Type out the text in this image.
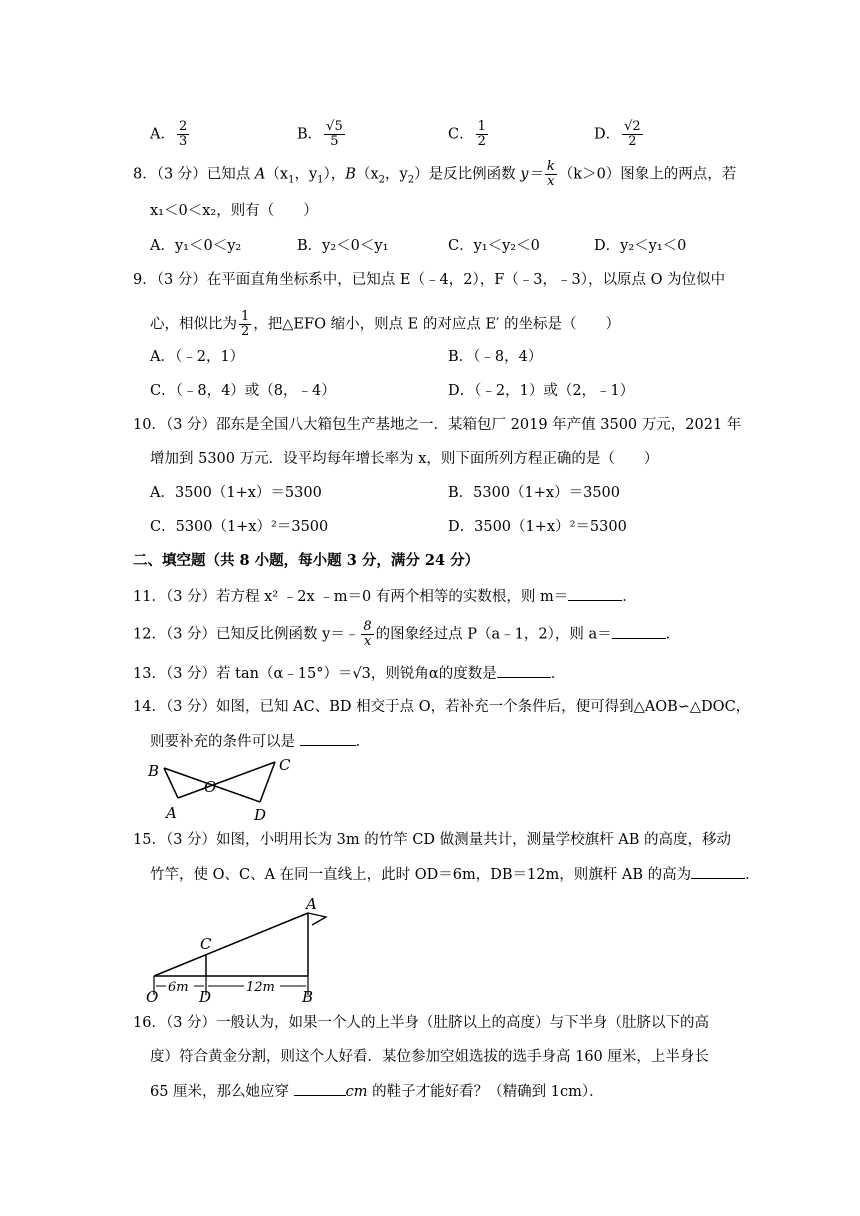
A． $\frac{2}{3}$	B． $\frac{√5}{5}$	C． $\frac{1}{2}$	D． $\frac{√2}{2}$
8．（3 分）已知点 $A(x_1$，$y_1$），$B(x_2$，$y_2$）是反比例函数 $y= \frac{k}{x} (k>0)$图象上的两点，若
x₁＜0＜x₂，则有（　　）
A．y₁＜0＜y₂	B．y₂＜0＜y₁	C．y₁＜y₂＜0	D．y₂＜y₁＜0
9．（3 分）在平面直角坐标系中，已知点 E（﹣4，2），F（﹣3，﹣3），以原点 O 为位似中
心，相似比为 $\frac{1}{2}$ ，把△EFO 缩小，则点 E 的对应点 E′ 的坐标是（　　）
A．（﹣2，1）	B．（﹣8，4）
C．（﹣8，4）或（8，﹣4）	D．（﹣2，1）或（2，﹣1）
10．（3 分）邵东是全国八大箱包生产基地之一．某箱包厂 2019 年产值 3500 万元，2021 年
增加到 5300 万元．设平均每年增长率为 x，则下面所列方程正确的是（　　）
A．3500（1+x）＝5300	B．5300（1+x）＝3500
C．5300（1+x）²＝3500	D．3500（1+x）²＝5300
二、填空题（共 8 小题，每小题 3 分，满分 24 分）
11．（3 分）若方程 x² ﹣2x ﹣m＝0 有两个相等的实数根，则 m＝	．
12．（3 分）已知反比例函数 y＝﹣ $\frac{8}{x}$ 的图象经过点 P（a﹣1，2），则 a＝	．
13．（3 分）若 tan（α﹣15°）＝√3，则锐角α的度数是	．
14．（3 分）如图，已知 AC、BD 相交于点 O，若补充一个条件后，便可得到△AOB∽△DOC，
则要补充的条件可以是	．
B	C
O
A	D
15．（3 分）如图，小明用长为 3m 的竹竿 CD 做测量共计，测量学校旗杆 AB 的高度，移动
竹竿，使 O、C、A 在同一直线上，此时 OD＝6m，DB＝12m，则旗杆 AB 的高为	．
6m	12m
A
C
O	D	B
16．（3 分）一般认为，如果一个人的上半身（肚脐以上的高度）与下半身（肚脐以下的高
度）符合黄金分割，则这个人好看．某位参加空姐选拔的选手身高 160 厘米，上半身长
65 厘米，那么她应穿	cm 的鞋子才能好看？（精确到 1cm）．
